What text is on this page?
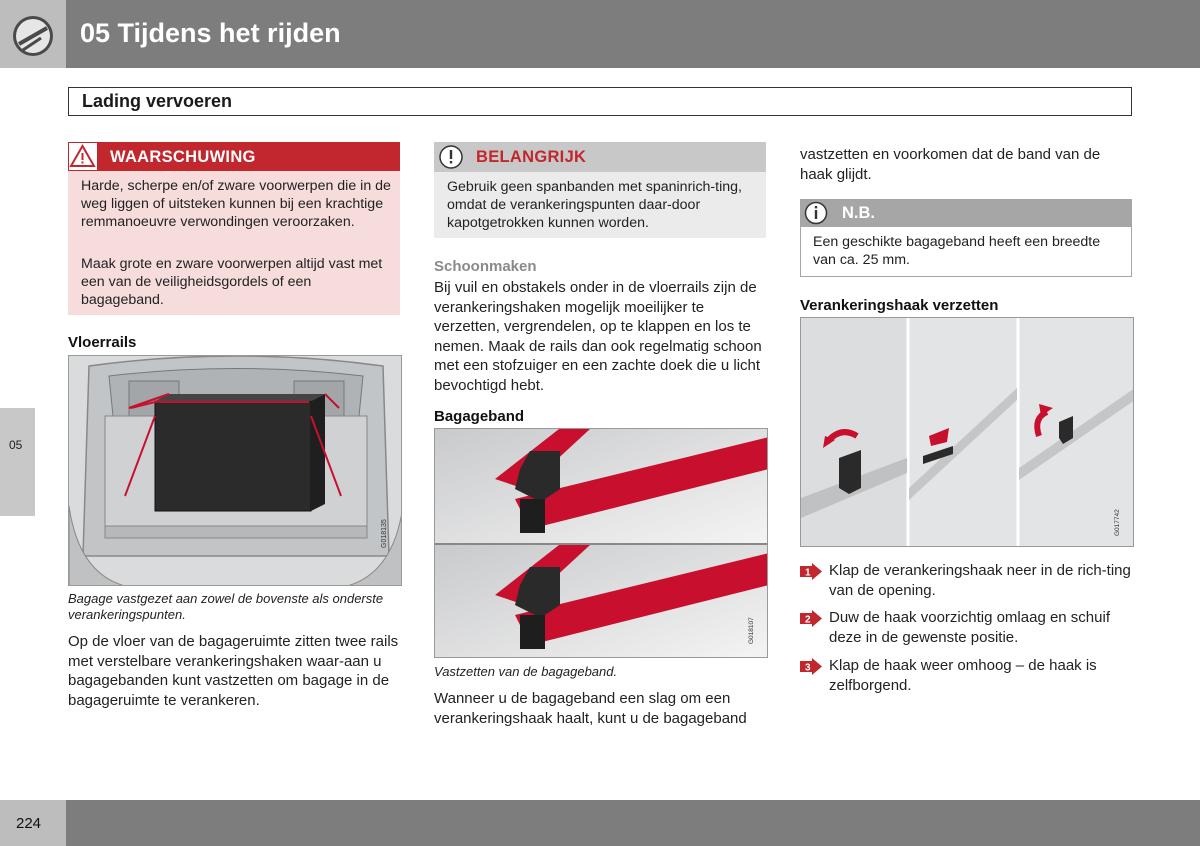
05 Tijdens het rijden
Lading vervoeren
05
WAARSCHUWING
Harde, scherpe en/of zware voorwerpen die in de weg liggen of uitsteken kunnen bij een krachtige remmanoeuvre verwondingen veroorzaken.
Maak grote en zware voorwerpen altijd vast met een van de veiligheidsgordels of een bagageband.
Vloerrails
G018135
Bagage vastgezet aan zowel de bovenste als onderste verankeringspunten.
Op de vloer van de bagageruimte zitten twee rails met verstelbare verankeringshaken waar-aan u bagagebanden kunt vastzetten om bagage in de bagageruimte te verankeren.
BELANGRIJK
Gebruik geen spanbanden met spaninrich-ting, omdat de verankeringspunten daar-door kapotgetrokken kunnen worden.
Schoonmaken
Bij vuil en obstakels onder in de vloerrails zijn de verankeringshaken mogelijk moeilijker te verzetten, vergrendelen, op te klappen en los te nemen. Maak de rails dan ook regelmatig schoon met een stofzuiger en een zachte doek die u licht bevochtigd hebt.
Bagageband
G018107
Vastzetten van de bagageband.
Wanneer u de bagageband een slag om een verankeringshaak haalt, kunt u de bagageband
vastzetten en voorkomen dat de band van de haak glijdt.
N.B.
Een geschikte bagageband heeft een breedte van ca. 25 mm.
Verankeringshaak verzetten
G017742
1 Klap de verankeringshaak neer in de rich-ting van de opening.
2 Duw de haak voorzichtig omlaag en schuif deze in de gewenste positie.
3 Klap de haak weer omhoog – de haak is zelfborgend.
224
